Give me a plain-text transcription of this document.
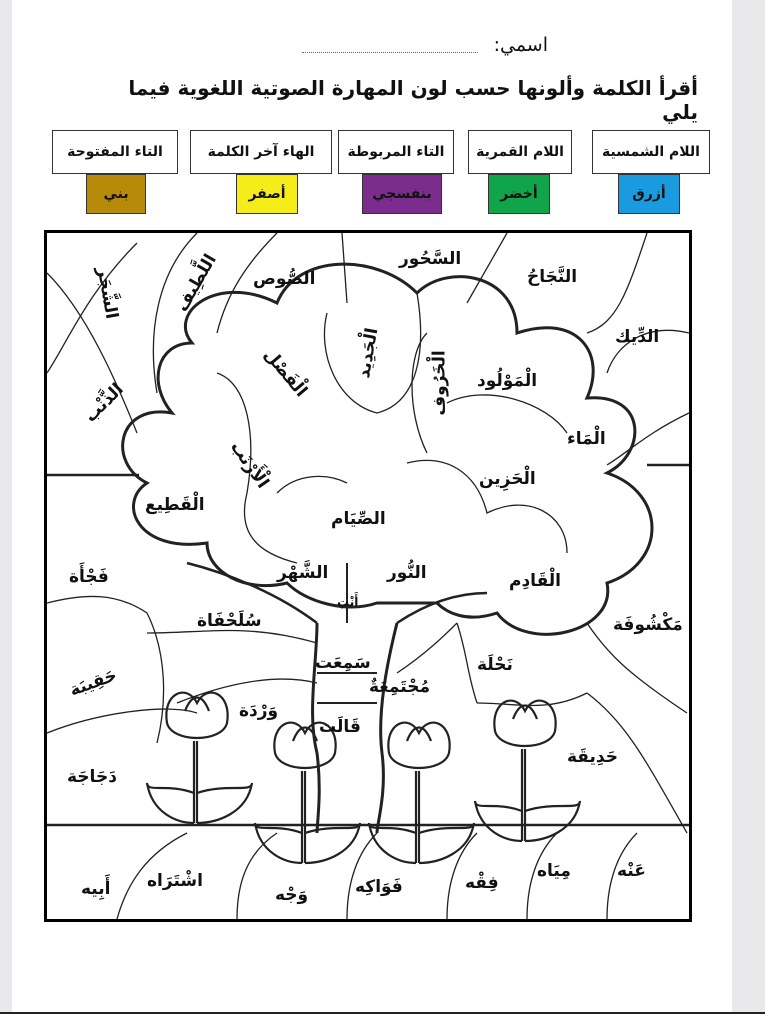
اسمي:
أقرأ الكلمة وألونها حسب لون المهارة الصوتية اللغوية فيما يلي
اللام الشمسية
أزرق
اللام القمرية
أخضر
التاء المربوطة
بنفسجي
الهاء آخر الكلمة
أصفر
التاء المفتوحة
بني
السَّحُور
النَّجَاحُ
الصُّوص
اللَّطِيف
الشَّجَر
الدِّيك
الذَّنْب
الْفَصْل	الْجَدِيد	الْخَرُوف الْمَوْلُود
الْمَاء
الْأَرْنَب	الْحَزِين
الْقَطِيع
الصِّيَام
فَجْأَة	الشَّهْر	النُّور	الْقَادِم
أَنْتِ
مَكْشُوفَة
سُلَحْفَاة
سَمِعَت	نَحْلَة
حَقِيبَة	مُجْتَمِعَةٌ
وَرْدَة
قَالَت
حَدِيقَة
دَجَاجَة
عَنْه
مِيَاه
فِقْه
فَوَاكِه
وَجْه
اشْتَرَاه
أَبِيه
